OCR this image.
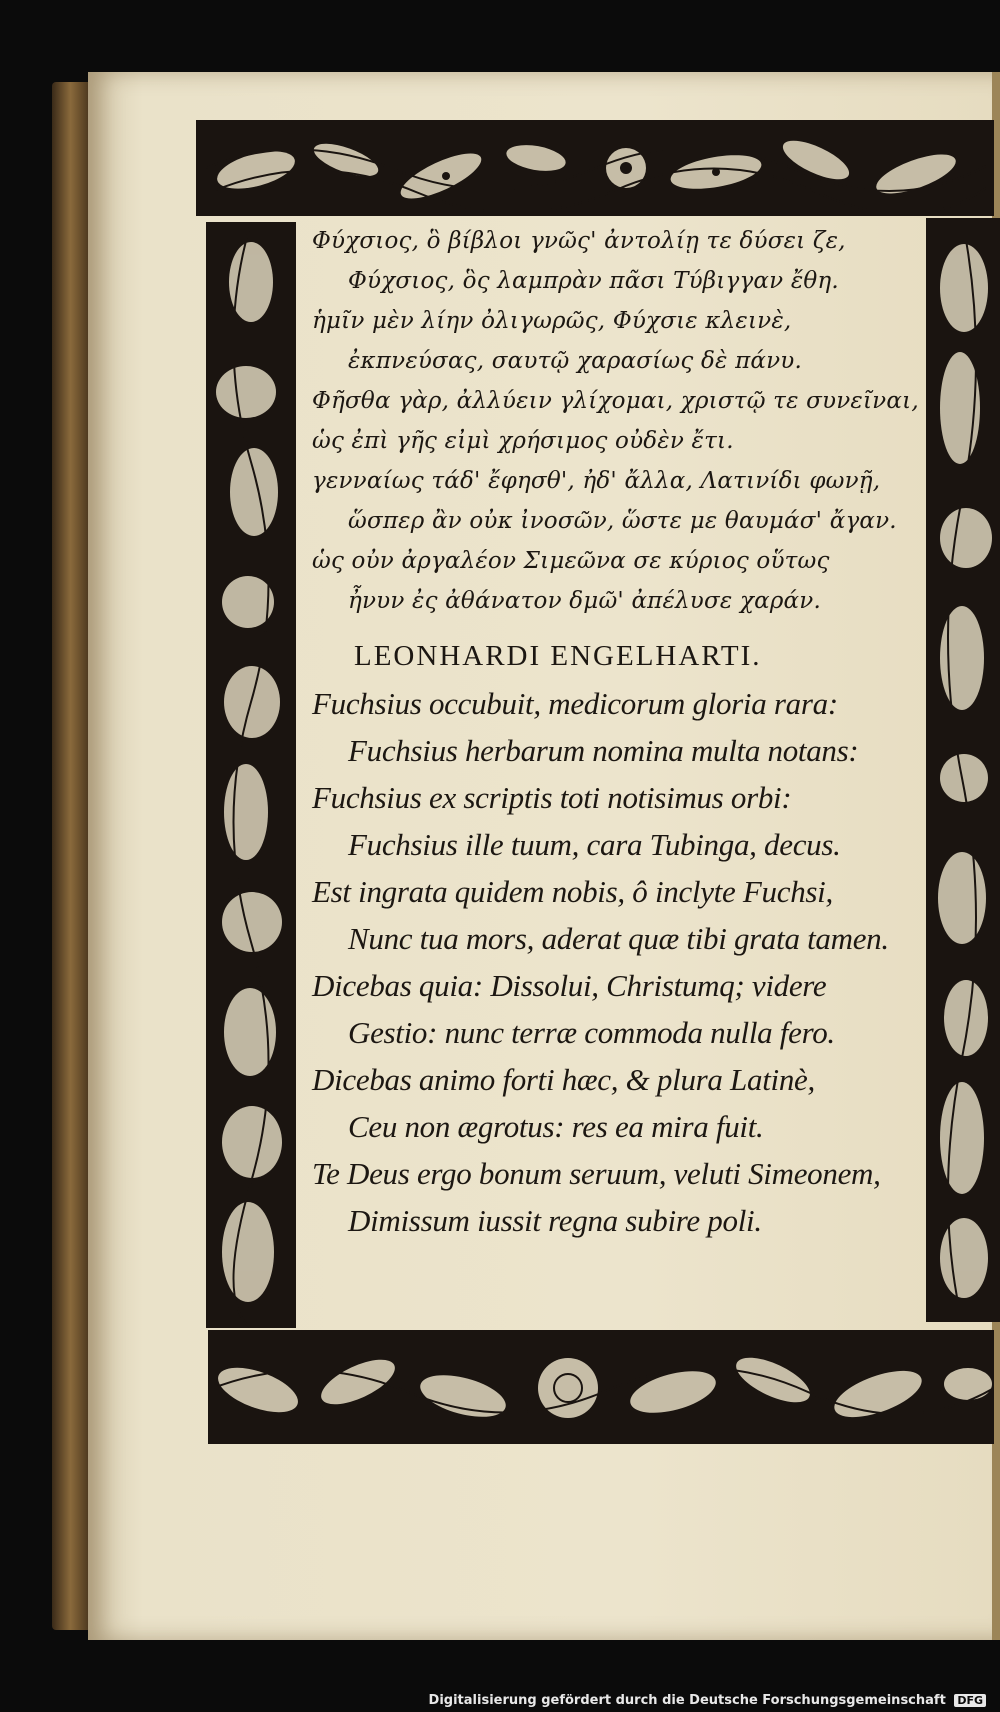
Φύχσιος, ὃ βίβλοι γνῶς' ἀντολίῃ τε δύσει ζε,
Φύχσιος, ὃς λαμπρὰν πᾶσι Τύβιγγαν ἔθη.
ἡμῖν μὲν λίην ὀλιγωρῶς, Φύχσιε κλεινὲ,
ἐκπνεύσας, σαυτῷ χαρασίως δὲ πάνυ.
Φῆσθα γὰρ, ἀλλύειν γλίχομαι, χριστῷ τε συνεῖναι,
ὡς ἐπὶ γῆς εἰμὶ χρήσιμος οὐδὲν ἔτι.
γενναίως τάδ' ἔφησθ', ἠδ' ἄλλα, Λατινίδι φωνῇ,
ὥσπερ ἂν οὐκ ἰνοσῶν, ὥστε με θαυμάσ' ἄγαν.
ὡς οὐν ἀργαλέον Σιμεῶνα σε κύριος οὕτως
ἦνυν ἐς ἀθάνατον δμῶ' ἀπέλυσε χαράν.
LEONHARDI ENGELHARTI.
Fuchsius occubuit, medicorum gloria rara:
Fuchsius herbarum nomina multa notans:
Fuchsius ex scriptis toti notisimus orbi:
Fuchsius ille tuum, cara Tubinga, decus.
Est ingrata quidem nobis, ô inclyte Fuchsi,
Nunc tua mors, aderat quæ tibi grata tamen.
Dicebas quia: Dissolui, Christumq; videre
Gestio: nunc terræ commoda nulla fero.
Dicebas animo forti hæc, & plura Latinè,
Ceu non ægrotus: res ea mira fuit.
Te Deus ergo bonum seruum, veluti Simeonem,
Dimissum iussit regna subire poli.
Digitalisierung gefördert durch die Deutsche Forschungsgemeinschaft DFG
